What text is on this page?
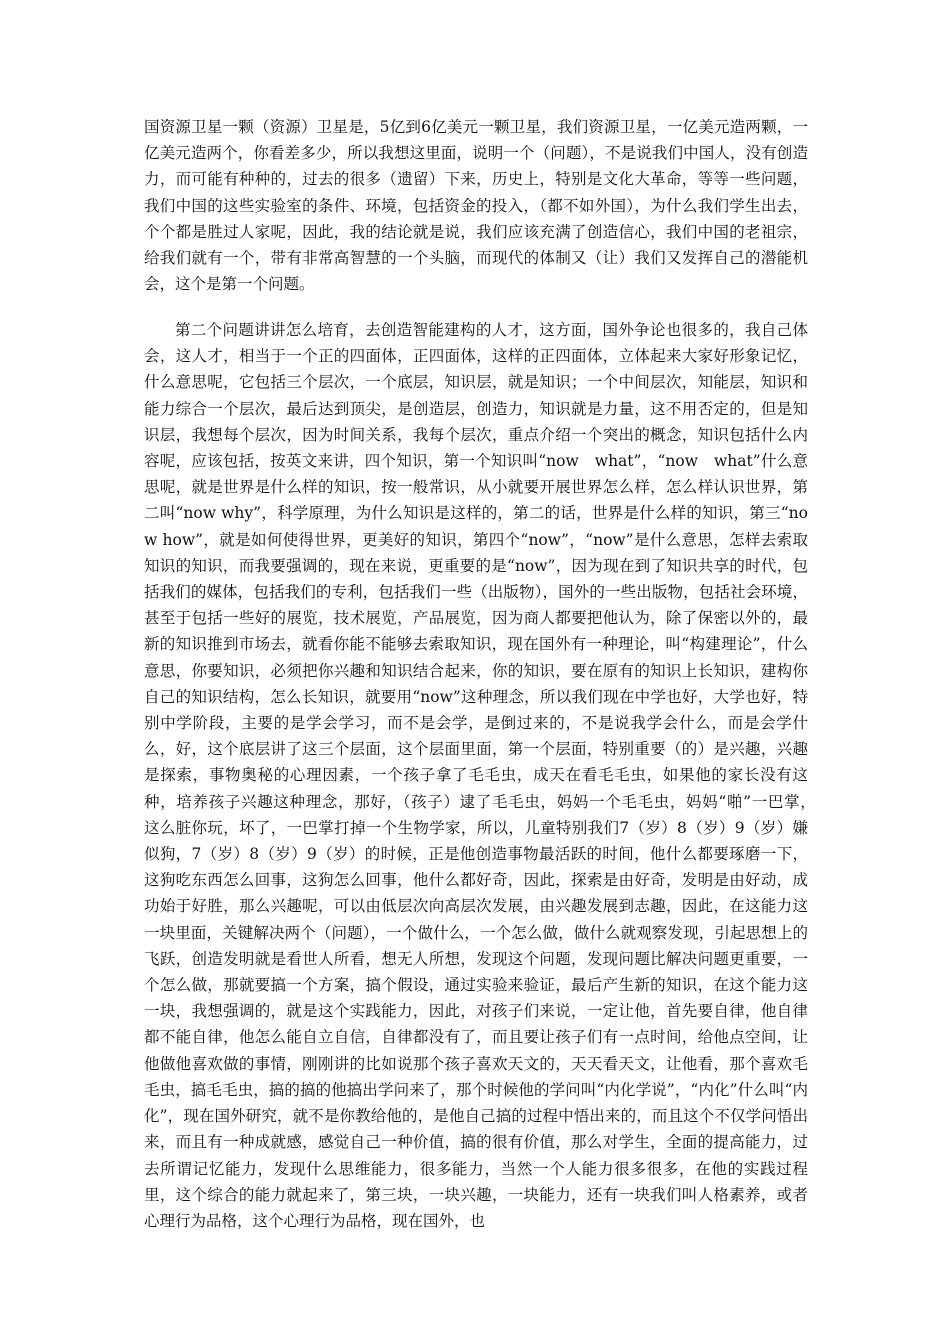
国资源卫星一颗（资源）卫星是，5亿到6亿美元一颗卫星，我们资源卫星，一亿美元造两颗，一亿美元造两个，你看差多少，所以我想这里面，说明一个（问题），不是说我们中国人，没有创造力，而可能有种种的，过去的很多（遗留）下来，历史上，特别是文化大革命，等等一些问题，我们中国的这些实验室的条件、环境，包括资金的投入，（都不如外国），为什么我们学生出去，个个都是胜过人家呢，因此，我的结论就是说，我们应该充满了创造信心，我们中国的老祖宗，给我们就有一个，带有非常高智慧的一个头脑，而现代的体制又（让）我们又发挥自己的潜能机会，这个是第一个问题。

第二个问题讲讲怎么培育，去创造智能建构的人才，这方面，国外争论也很多的，我自己体会，这人才，相当于一个正的四面体，正四面体，这样的正四面体，立体起来大家好形象记忆，什么意思呢，它包括三个层次，一个底层，知识层，就是知识；一个中间层次，知能层，知识和能力综合一个层次，最后达到顶尖，是创造层，创造力，知识就是力量，这不用否定的，但是知识层，我想每个层次，因为时间关系，我每个层次，重点介绍一个突出的概念，知识包括什么内容呢，应该包括，按英文来讲，四个知识，第一个知识叫“now　what”，“now　what”什么意思呢，就是世界是什么样的知识，按一般常识，从小就要开展世界怎么样，怎么样认识世界，第二叫“now why”，科学原理，为什么知识是这样的，第二的话，世界是什么样的知识，第三“now how”，就是如何使得世界，更美好的知识，第四个“now”，“now”是什么意思，怎样去索取知识的知识，而我要强调的，现在来说，更重要的是“now”，因为现在到了知识共享的时代，包括我们的媒体，包括我们的专利，包括我们一些（出版物），国外的一些出版物，包括社会环境，甚至于包括一些好的展览，技术展览，产品展览，因为商人都要把他认为，除了保密以外的，最新的知识推到市场去，就看你能不能够去索取知识，现在国外有一种理论，叫“构建理论”，什么意思，你要知识，必须把你兴趣和知识结合起来，你的知识，要在原有的知识上长知识，建构你自己的知识结构，怎么长知识，就要用“now”这种理念，所以我们现在中学也好，大学也好，特别中学阶段，主要的是学会学习，而不是会学，是倒过来的，不是说我学会什么，而是会学什么，好，这个底层讲了这三个层面，这个层面里面，第一个层面，特别重要（的）是兴趣，兴趣是探索，事物奥秘的心理因素，一个孩子拿了毛毛虫，成天在看毛毛虫，如果他的家长没有这种，培养孩子兴趣这种理念，那好，（孩子）逮了毛毛虫，妈妈一个毛毛虫，妈妈“啪”一巴掌，　这么脏你玩，坏了，一巴掌打掉一个生物学家，所以，儿童特别我们7（岁）8（岁）9（岁）嫌似狗，7（岁）8（岁）9（岁）的时候，正是他创造事物最活跃的时间，他什么都要琢磨一下，这狗吃东西怎么回事，这狗怎么回事，他什么都好奇，因此，探索是由好奇，发明是由好动，成功始于好胜，那么兴趣呢，可以由低层次向高层次发展，由兴趣发展到志趣，因此，在这能力这一块里面，关键解决两个（问题），一个做什么，一个怎么做，做什么就观察发现，引起思想上的飞跃，创造发明就是看世人所看，想无人所想，发现这个问题，发现问题比解决问题更重要，一个怎么做，那就要搞一个方案，搞个假设，通过实验来验证，最后产生新的知识，在这个能力这一块，我想强调的，就是这个实践能力，因此，对孩子们来说，一定让他，首先要自律，他自律都不能自律，他怎么能自立自信，自律都没有了，而且要让孩子们有一点时间，给他点空间，让他做他喜欢做的事情，刚刚讲的比如说那个孩子喜欢天文的，天天看天文，让他看，那个喜欢毛毛虫，搞毛毛虫，搞的搞的他搞出学问来了，那个时候他的学问叫“内化学说”，“内化”什么叫“内化”，现在国外研究，就不是你教给他的，是他自己搞的过程中悟出来的，而且这个不仅学问悟出来，而且有一种成就感，感觉自己一种价值，搞的很有价值，那么对学生，全面的提高能力，过去所谓记忆能力，发现什么思维能力，很多能力，当然一个人能力很多很多，在他的实践过程里，这个综合的能力就起来了，第三块，一块兴趣，一块能力，还有一块我们叫人格素养，或者心理行为品格，这个心理行为品格，现在国外，也
